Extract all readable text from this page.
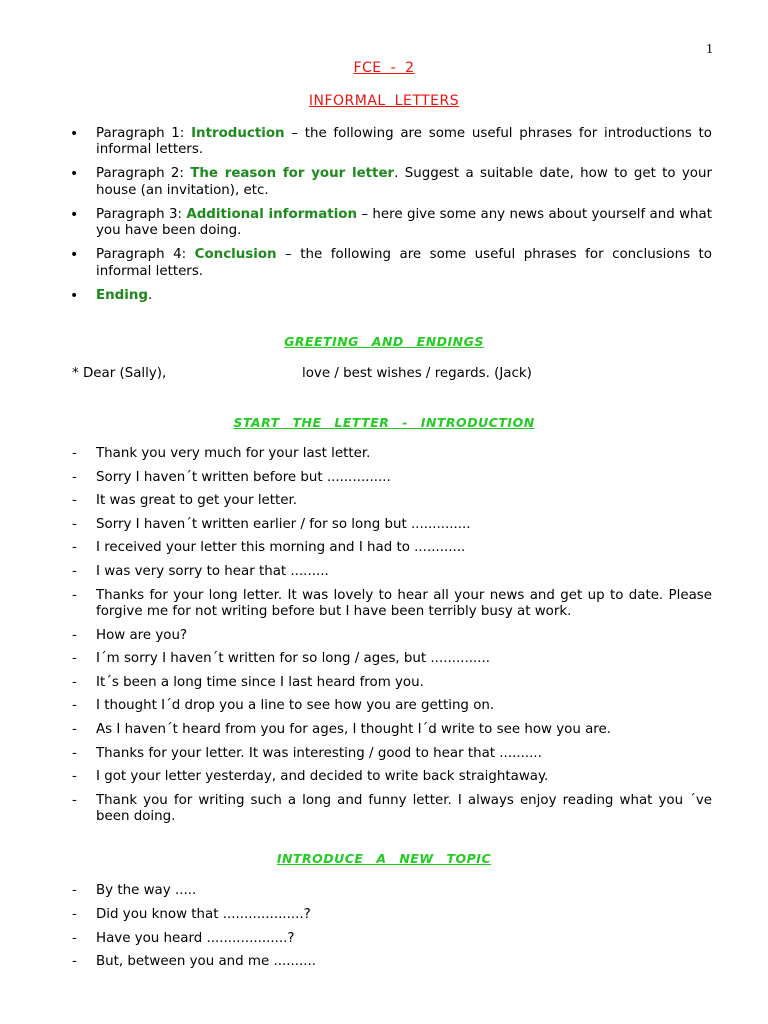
1
FCE - 2
INFORMAL LETTERS
• Paragraph 1: Introduction – the following are some useful phrases for introductions to informal letters.
• Paragraph 2: The reason for your letter. Suggest a suitable date, how to get to your house (an invitation), etc.
• Paragraph 3: Additional information – here give some any news about yourself and what you have been doing.
• Paragraph 4: Conclusion – the following are some useful phrases for conclusions to informal letters.
• Ending.
GREETING AND ENDINGS
* Dear (Sally),	love / best wishes / regards. (Jack)
START THE LETTER - INTRODUCTION
- Thank you very much for your last letter.
- Sorry I haven´t written before but ...............
- It was great to get your letter.
- Sorry I haven´t written earlier / for so long but ..............
- I received your letter this morning and I had to ............
- I was very sorry to hear that .........
- Thanks for your long letter. It was lovely to hear all your news and get up to date. Please forgive me for not writing before but I have been terribly busy at work.
- How are you?
- I´m sorry I haven´t written for so long / ages, but ..............
- It´s been a long time since I last heard from you.
- I thought I´d drop you a line to see how you are getting on.
- As I haven´t heard from you for ages, I thought I´d write to see how you are.
- Thanks for your letter. It was interesting / good to hear that ..........
- I got your letter yesterday, and decided to write back straightaway.
- Thank you for writing such a long and funny letter. I always enjoy reading what you ´ve been doing.
INTRODUCE A NEW TOPIC
- By the way .....
- Did you know that ...................?
- Have you heard ...................?
- But, between you and me ..........
